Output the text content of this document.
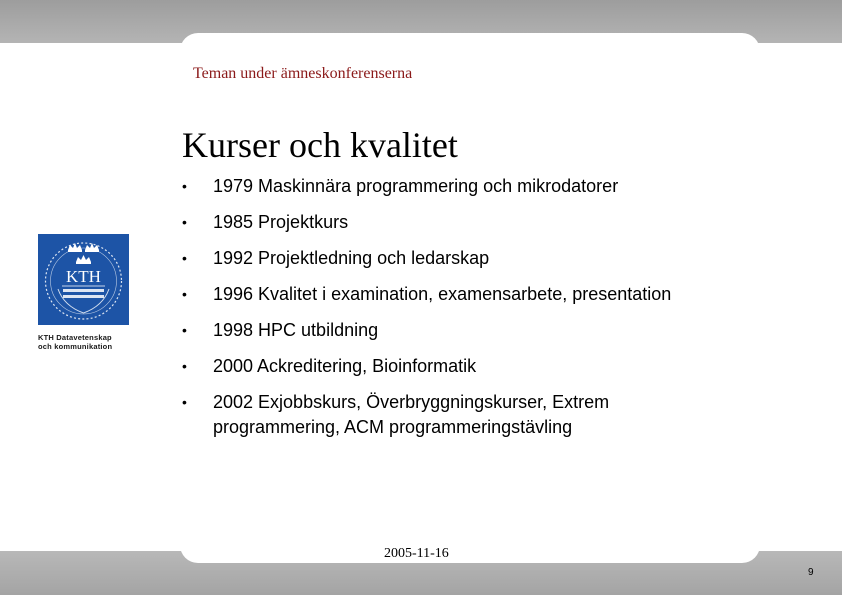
Teman under ämneskonferenserna

Kurser och kvalitet
• 1979 Maskinnära programmering och mikrodatorer
• 1985 Projektkurs
• 1992 Projektledning och ledarskap
• 1996 Kvalitet i examination, examensarbete, presentation
• 1998 HPC utbildning
• 2000 Ackreditering, Bioinformatik
• 2002 Exjobbskurs, Överbryggningskurser, Extrem programmering, ACM programmeringstävling
KTH
KTH Datavetenskap
och kommunikation
2005-11-16
9
